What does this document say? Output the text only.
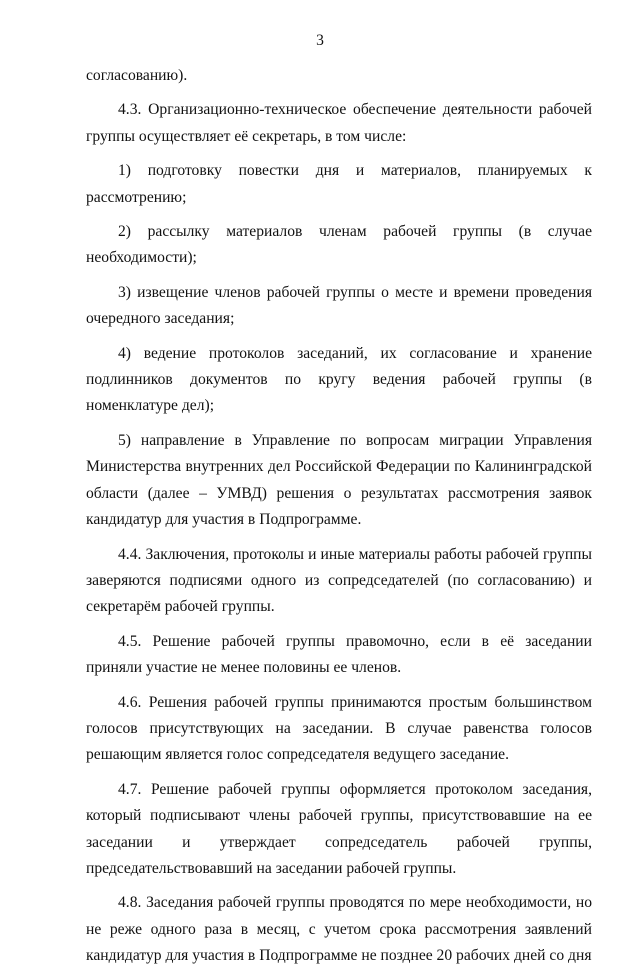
3

согласованию).

4.3. Организационно-техническое обеспечение деятельности рабочей группы осуществляет её секретарь, в том числе:

1) подготовку повестки дня и материалов, планируемых к рассмотрению;

2) рассылку материалов членам рабочей группы (в случае необходимости);

3) извещение членов рабочей группы о месте и времени проведения очередного заседания;

4) ведение протоколов заседаний, их согласование и хранение подлинников документов по кругу ведения рабочей группы (в номенклатуре дел);

5) направление в Управление по вопросам миграции Управления Министерства внутренних дел Российской Федерации по Калининградской области (далее – УМВД) решения о результатах рассмотрения заявок кандидатур для участия в Подпрограмме.

4.4. Заключения, протоколы и иные материалы работы рабочей группы заверяются подписями одного из сопредседателей (по согласованию) и секретарём рабочей группы.

4.5. Решение рабочей группы правомочно, если в её заседании приняли участие не менее половины ее членов.

4.6. Решения рабочей группы принимаются простым большинством голосов присутствующих на заседании. В случае равенства голосов решающим является голос сопредседателя ведущего заседание.

4.7. Решение рабочей группы оформляется протоколом заседания, который подписывают члены рабочей группы, присутствовавшие на ее заседании и утверждает сопредседатель рабочей группы, председательствовавший на заседании рабочей группы.

4.8. Заседания рабочей группы проводятся по мере необходимости, но не реже одного раза в месяц, с учетом срока рассмотрения заявлений кандидатур для участия в Подпрограмме не позднее 20 рабочих дней со дня
